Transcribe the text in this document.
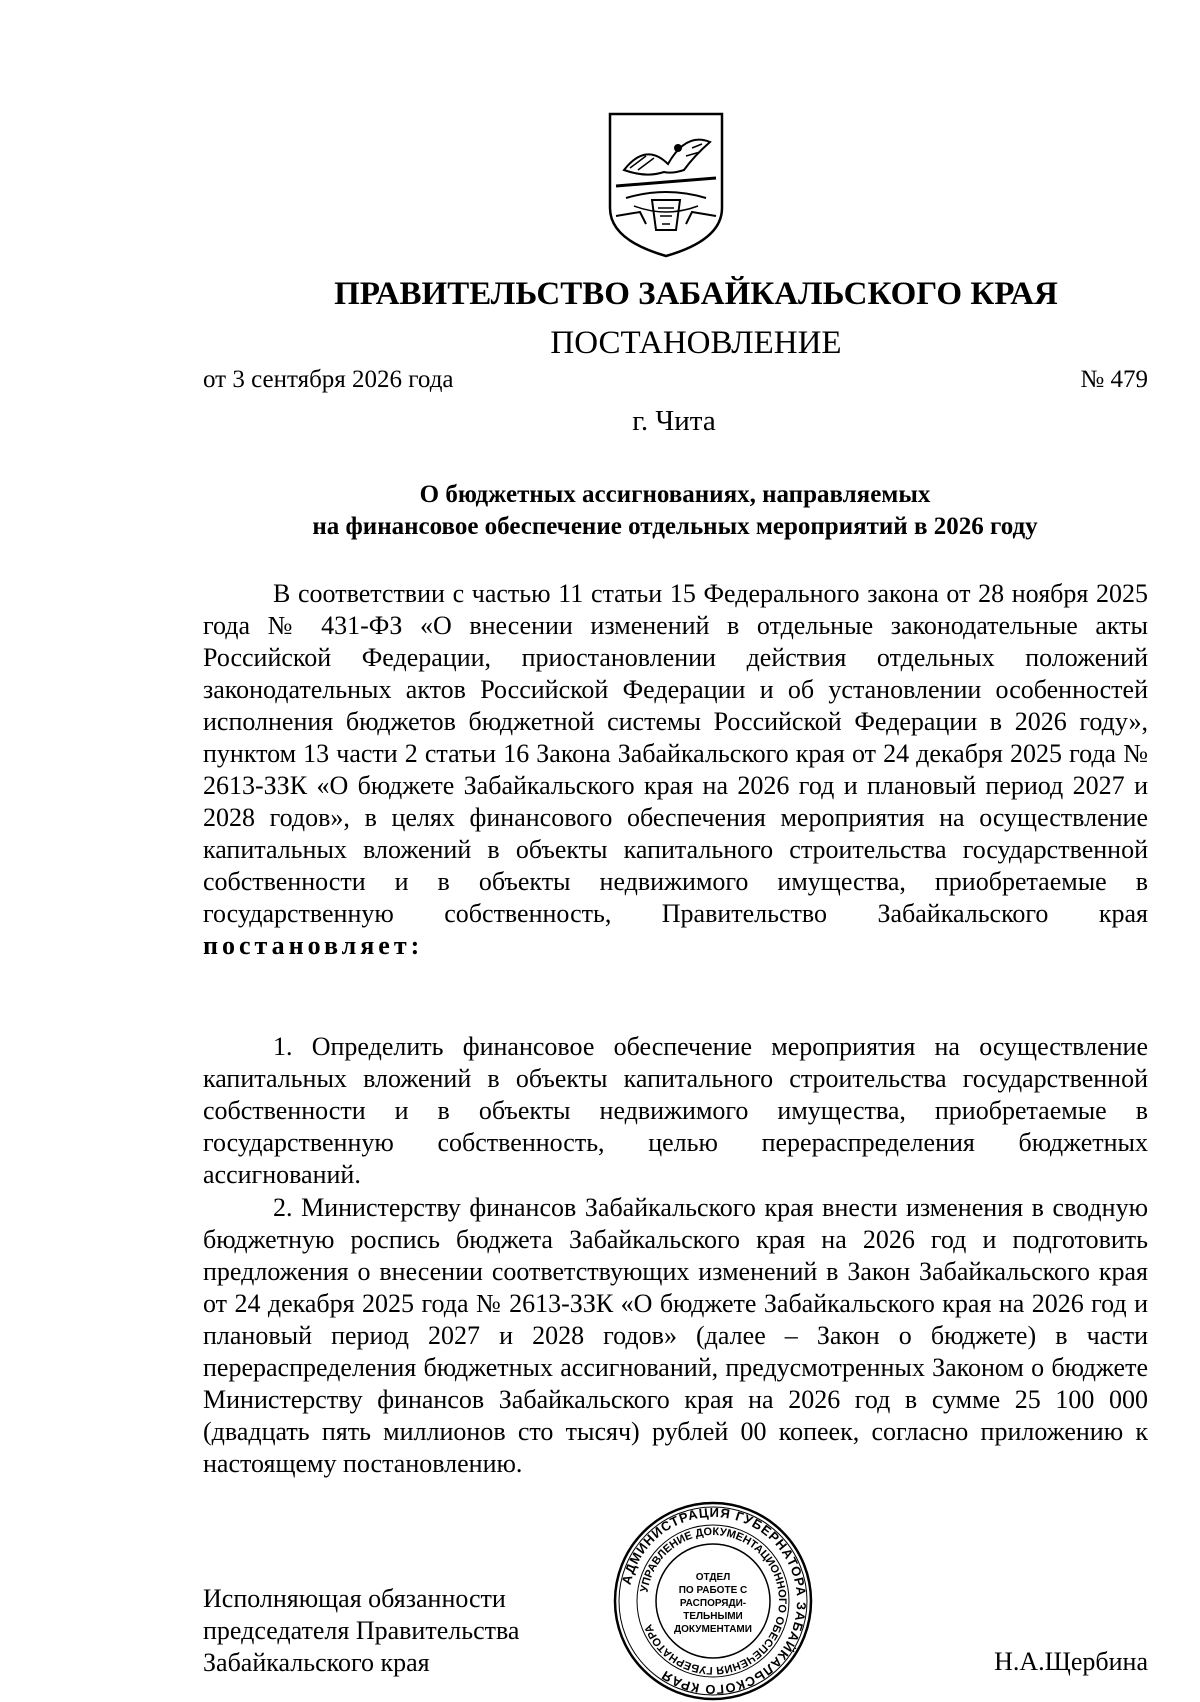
ПРАВИТЕЛЬСТВО ЗАБАЙКАЛЬСКОГО КРАЯ
ПОСТАНОВЛЕНИЕ
от 3 сентября 2026 года	№ 479
г. Чита
О бюджетных ассигнованиях, направляемых
на финансовое обеспечение отдельных мероприятий в 2026 году

В соответствии с частью 11 статьи 15 Федерального закона от 28 ноября 2025 года № 431-ФЗ «О внесении изменений в отдельные законодательные акты Российской Федерации, приостановлении действия отдельных положений законодательных актов Российской Федерации и об установлении особенностей исполнения бюджетов бюджетной системы Российской Федерации в 2026 году», пунктом 13 части 2 статьи 16 Закона Забайкальского края от 24 декабря 2025 года № 2613-ЗЗК «О бюджете Забайкальского края на 2026 год и плановый период 2027 и 2028 годов», в целях финансового обеспечения мероприятия на осуществление капитальных вложений в объекты капитального строительства государственной собственности и в объекты недвижимого имущества, приобретаемые в государственную собственность, Правительство Забайкальского края постановляет:

1. Определить финансовое обеспечение мероприятия на осуществление капитальных вложений в объекты капитального строительства государственной собственности и в объекты недвижимого имущества, приобретаемые в государственную собственность, целью перераспределения бюджетных ассигнований.

2. Министерству финансов Забайкальского края внести изменения в сводную бюджетную роспись бюджета Забайкальского края на 2026 год и подготовить предложения о внесении соответствующих изменений в Закон Забайкальского края от 24 декабря 2025 года № 2613-ЗЗК «О бюджете Забайкальского края на 2026 год и плановый период 2027 и 2028 годов» (далее – Закон о бюджете) в части перераспределения бюджетных ассигнований, предусмотренных Законом о бюджете Министерству финансов Забайкальского края на 2026 год в сумме 25 100 000 (двадцать пять миллионов сто тысяч) рублей 00 копеек, согласно приложению к настоящему постановлению.

Исполняющая обязанности
председателя Правительства
Забайкальского края	Н.А.Щербина
АДМИНИСТРАЦИЯ ГУБЕРНАТОРА ЗАБАЙКАЛЬСКОГО КРАЯ
УПРАВЛЕНИЕ ДОКУМЕНТАЦИОННОГО ОБЕСПЕЧЕНИЯ ГУБЕРНАТОРА
ОТДЕЛ
ПО РАБОТЕ С
РАСПОРЯДИ-
ТЕЛЬНЫМИ
ДОКУМЕНТАМИ
